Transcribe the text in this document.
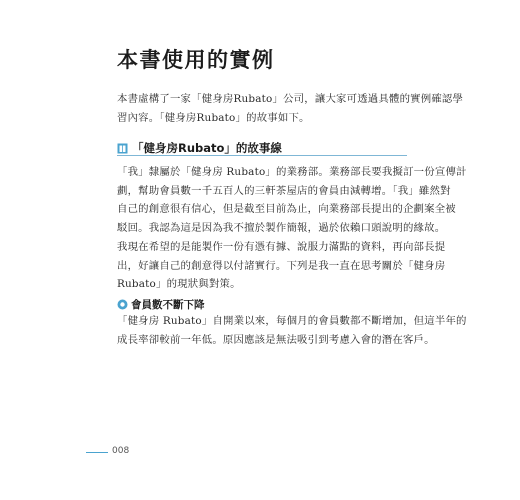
本書使用的實例

本書虛構了一家「健身房Rubato」公司，讓大家可透過具體的實例確認學
習內容。「健身房Rubato」的故事如下。

「健身房Rubato」的故事線

「我」隸屬於「健身房 Rubato」的業務部。業務部長要我擬訂一份宣傳計
劃，幫助會員數一千五百人的三軒茶屋店的會員由減轉增。「我」雖然對
自己的創意很有信心，但是截至目前為止，向業務部長提出的企劃案全被
駁回。我認為這是因為我不擅於製作簡報，過於依賴口頭說明的緣故。

我現在希望的是能製作一份有憑有據、說服力滿點的資料，再向部長提
出，好讓自己的創意得以付諸實行。下列是我一直在思考關於「健身房
Rubato」的現狀與對策。

會員數不斷下降

「健身房 Rubato」自開業以來，每個月的會員數都不斷增加，但這半年的
成長率卻較前一年低。原因應該是無法吸引到考慮入會的潛在客戶。

008
